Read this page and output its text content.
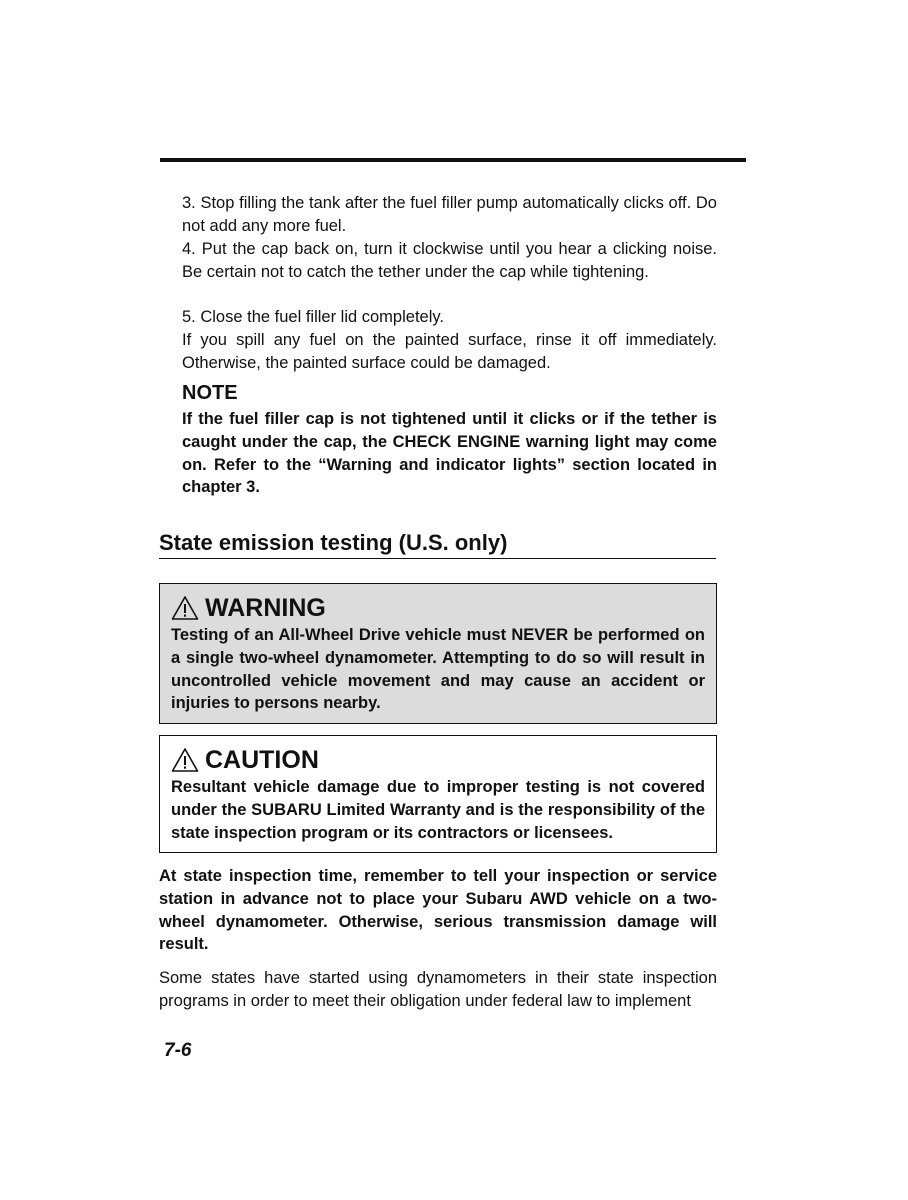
3. Stop filling the tank after the fuel filler pump automatically clicks off. Do not add any more fuel.

4. Put the cap back on, turn it clockwise until you hear a clicking noise. Be certain not to catch the tether under the cap while tightening.

5. Close the fuel filler lid completely.

If you spill any fuel on the painted surface, rinse it off immediately. Otherwise, the painted surface could be damaged.

NOTE

If the fuel filler cap is not tightened until it clicks or if the tether is caught under the cap, the CHECK ENGINE warning light may come on. Refer to the “Warning and indicator lights” section located in chapter 3.

State emission testing (U.S. only)

WARNING

Testing of an All-Wheel Drive vehicle must NEVER be performed on a single two-wheel dynamometer. Attempting to do so will result in uncontrolled vehicle movement and may cause an accident or injuries to persons nearby.

CAUTION

Resultant vehicle damage due to improper testing is not covered under the SUBARU Limited Warranty and is the responsibility of the state inspection program or its contractors or licensees.

At state inspection time, remember to tell your inspection or service station in advance not to place your Subaru AWD vehicle on a two-wheel dynamometer. Otherwise, serious transmission damage will result.

Some states have started using dynamometers in their state inspection programs in order to meet their obligation under federal law to implement

7-6
